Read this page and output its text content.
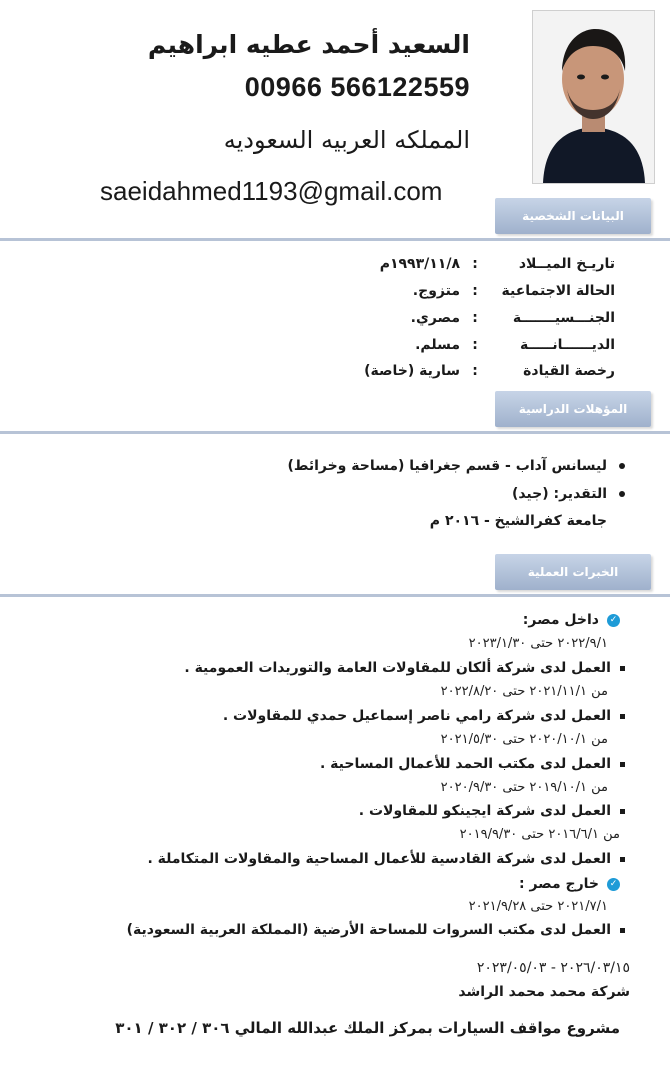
السعيد أحمد عطيه ابراهيم
00966 566122559
المملكه العربيه السعوديه
saeidahmed1193@gmail.com
البيانات الشخصية
تاريـخ الميــلاد
:
١٩٩٣/١١/٨م
الحالة الاجتماعية
:
متزوج.
الجنـــسيـــــــة
:
مصري.
الديــــــانـــــة
:
مسلم.
رخصة القيادة
:
سارية (خاصة)
المؤهلات الدراسية
ليسانس آداب - قسم جغرافيا (مساحة وخرائط)
التقدير: (جيد)
جامعة كفرالشيخ - ٢٠١٦ م
الخبرات العملية
✓داخل مصر:
٢٠٢٢/٩/١ حتى ٢٠٢٣/١/٣٠
العمل لدى شركة ألكان للمقاولات العامة والتوريدات العمومية .
من ٢٠٢١/١١/١ حتى ٢٠٢٢/٨/٢٠
العمل لدى شركة رامي ناصر إسماعيل حمدي للمقاولات .
من ٢٠٢٠/١٠/١ حتى ٢٠٢١/٥/٣٠
العمل لدى مكتب الحمد للأعمال المساحية .
من ٢٠١٩/١٠/١ حتى ٢٠٢٠/٩/٣٠
العمل لدى شركة ايجينكو للمقاولات .
من ٢٠١٦/٦/١ حتى ٢٠١٩/٩/٣٠
العمل لدى شركة القادسية للأعمال المساحية والمقاولات المتكاملة .
✓خارج مصر :
٢٠٢١/٧/١ حتى ٢٠٢١/٩/٢٨
العمل لدى مكتب السروات للمساحة الأرضية (المملكة العربية السعودية)
٢٠٢٦/٠٣/١٥ - ٢٠٢٣/٠٥/٠٣
شركة محمد محمد الراشد
مشروع مواقف السيارات بمركز الملك عبدالله المالي ٣٠٦ / ٣٠٢ / ٣٠١
